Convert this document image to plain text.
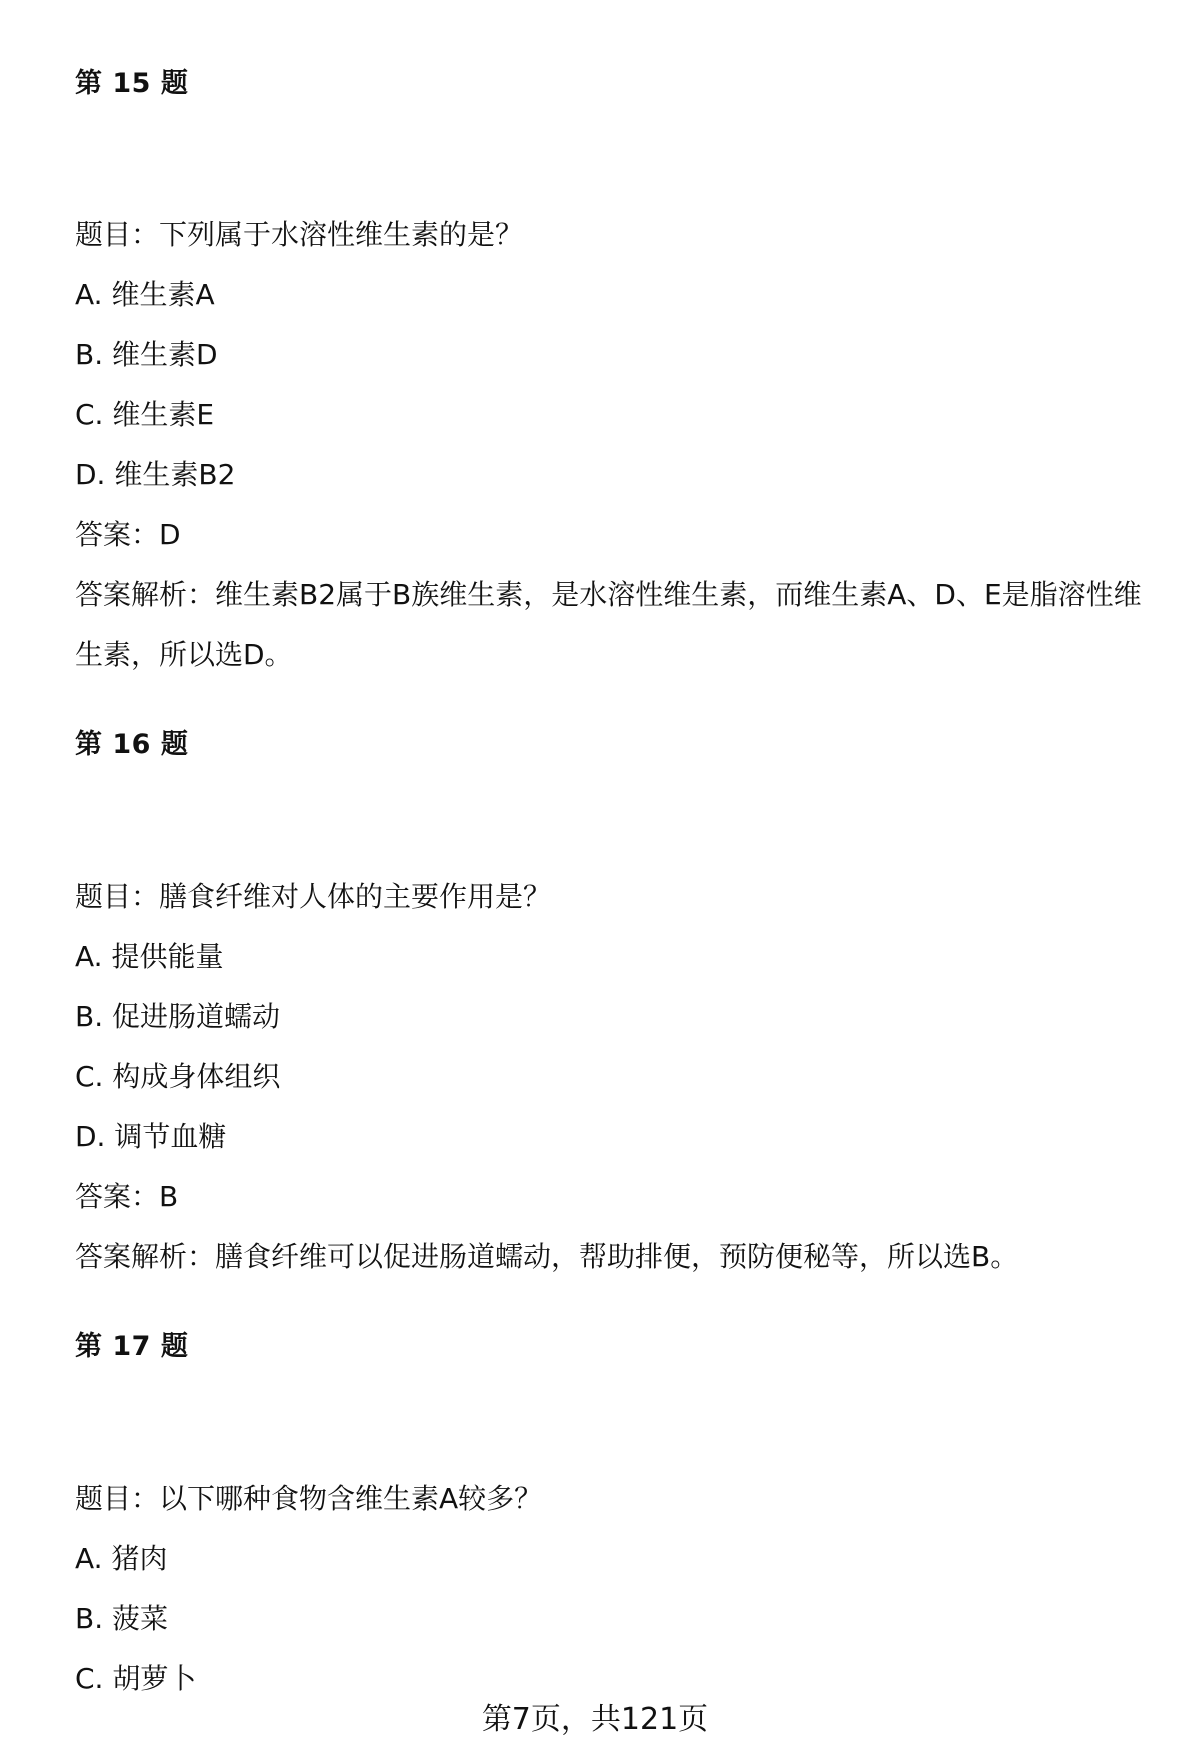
第 15 题
题目：下列属于水溶性维生素的是？
A. 维生素A
B. 维生素D
C. 维生素E
D. 维生素B2
答案：D
答案解析：维生素B2属于B族维生素，是水溶性维生素，而维生素A、D、E是脂溶性维生素，所以选D。
第 16 题
题目：膳食纤维对人体的主要作用是？
A. 提供能量
B. 促进肠道蠕动
C. 构成身体组织
D. 调节血糖
答案：B
答案解析：膳食纤维可以促进肠道蠕动，帮助排便，预防便秘等，所以选B。
第 17 题
题目：以下哪种食物含维生素A较多？
A. 猪肉
B. 菠菜
C. 胡萝卜
第7页，共121页
